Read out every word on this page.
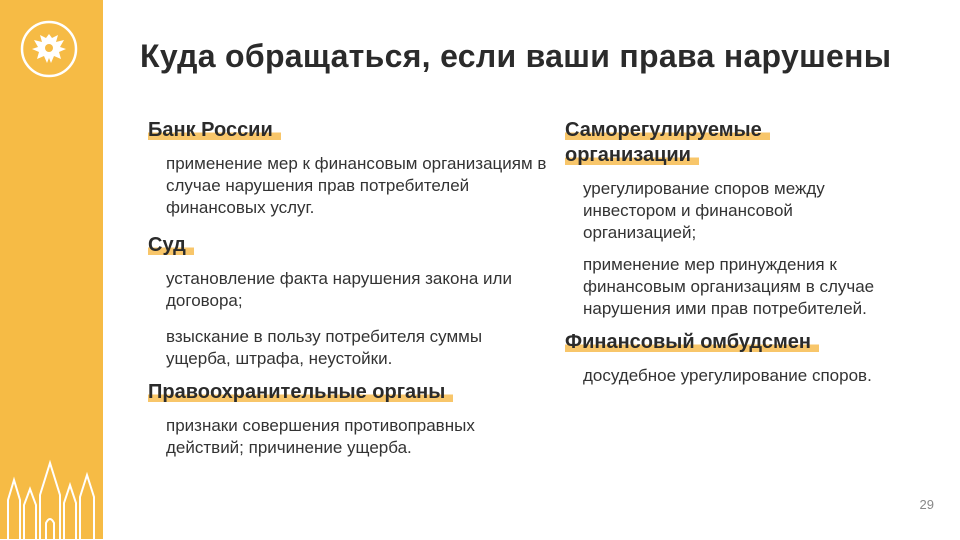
Куда обращаться, если ваши права нарушены

Банк России

применение мер к финансовым организациям в случае нарушения прав потребителей финансовых услуг.

Суд

установление факта нарушения закона или договора;

взыскание в пользу потребителя суммы ущерба, штрафа, неустойки.

Правоохранительные органы

признаки совершения противоправных действий; причинение ущерба.

Саморегулируемые
организации

урегулирование споров между инвестором и финансовой организацией;

применение мер принуждения к финансовым организациям в случае нарушения ими прав потребителей.

Финансовый омбудсмен

досудебное урегулирование споров.

29
